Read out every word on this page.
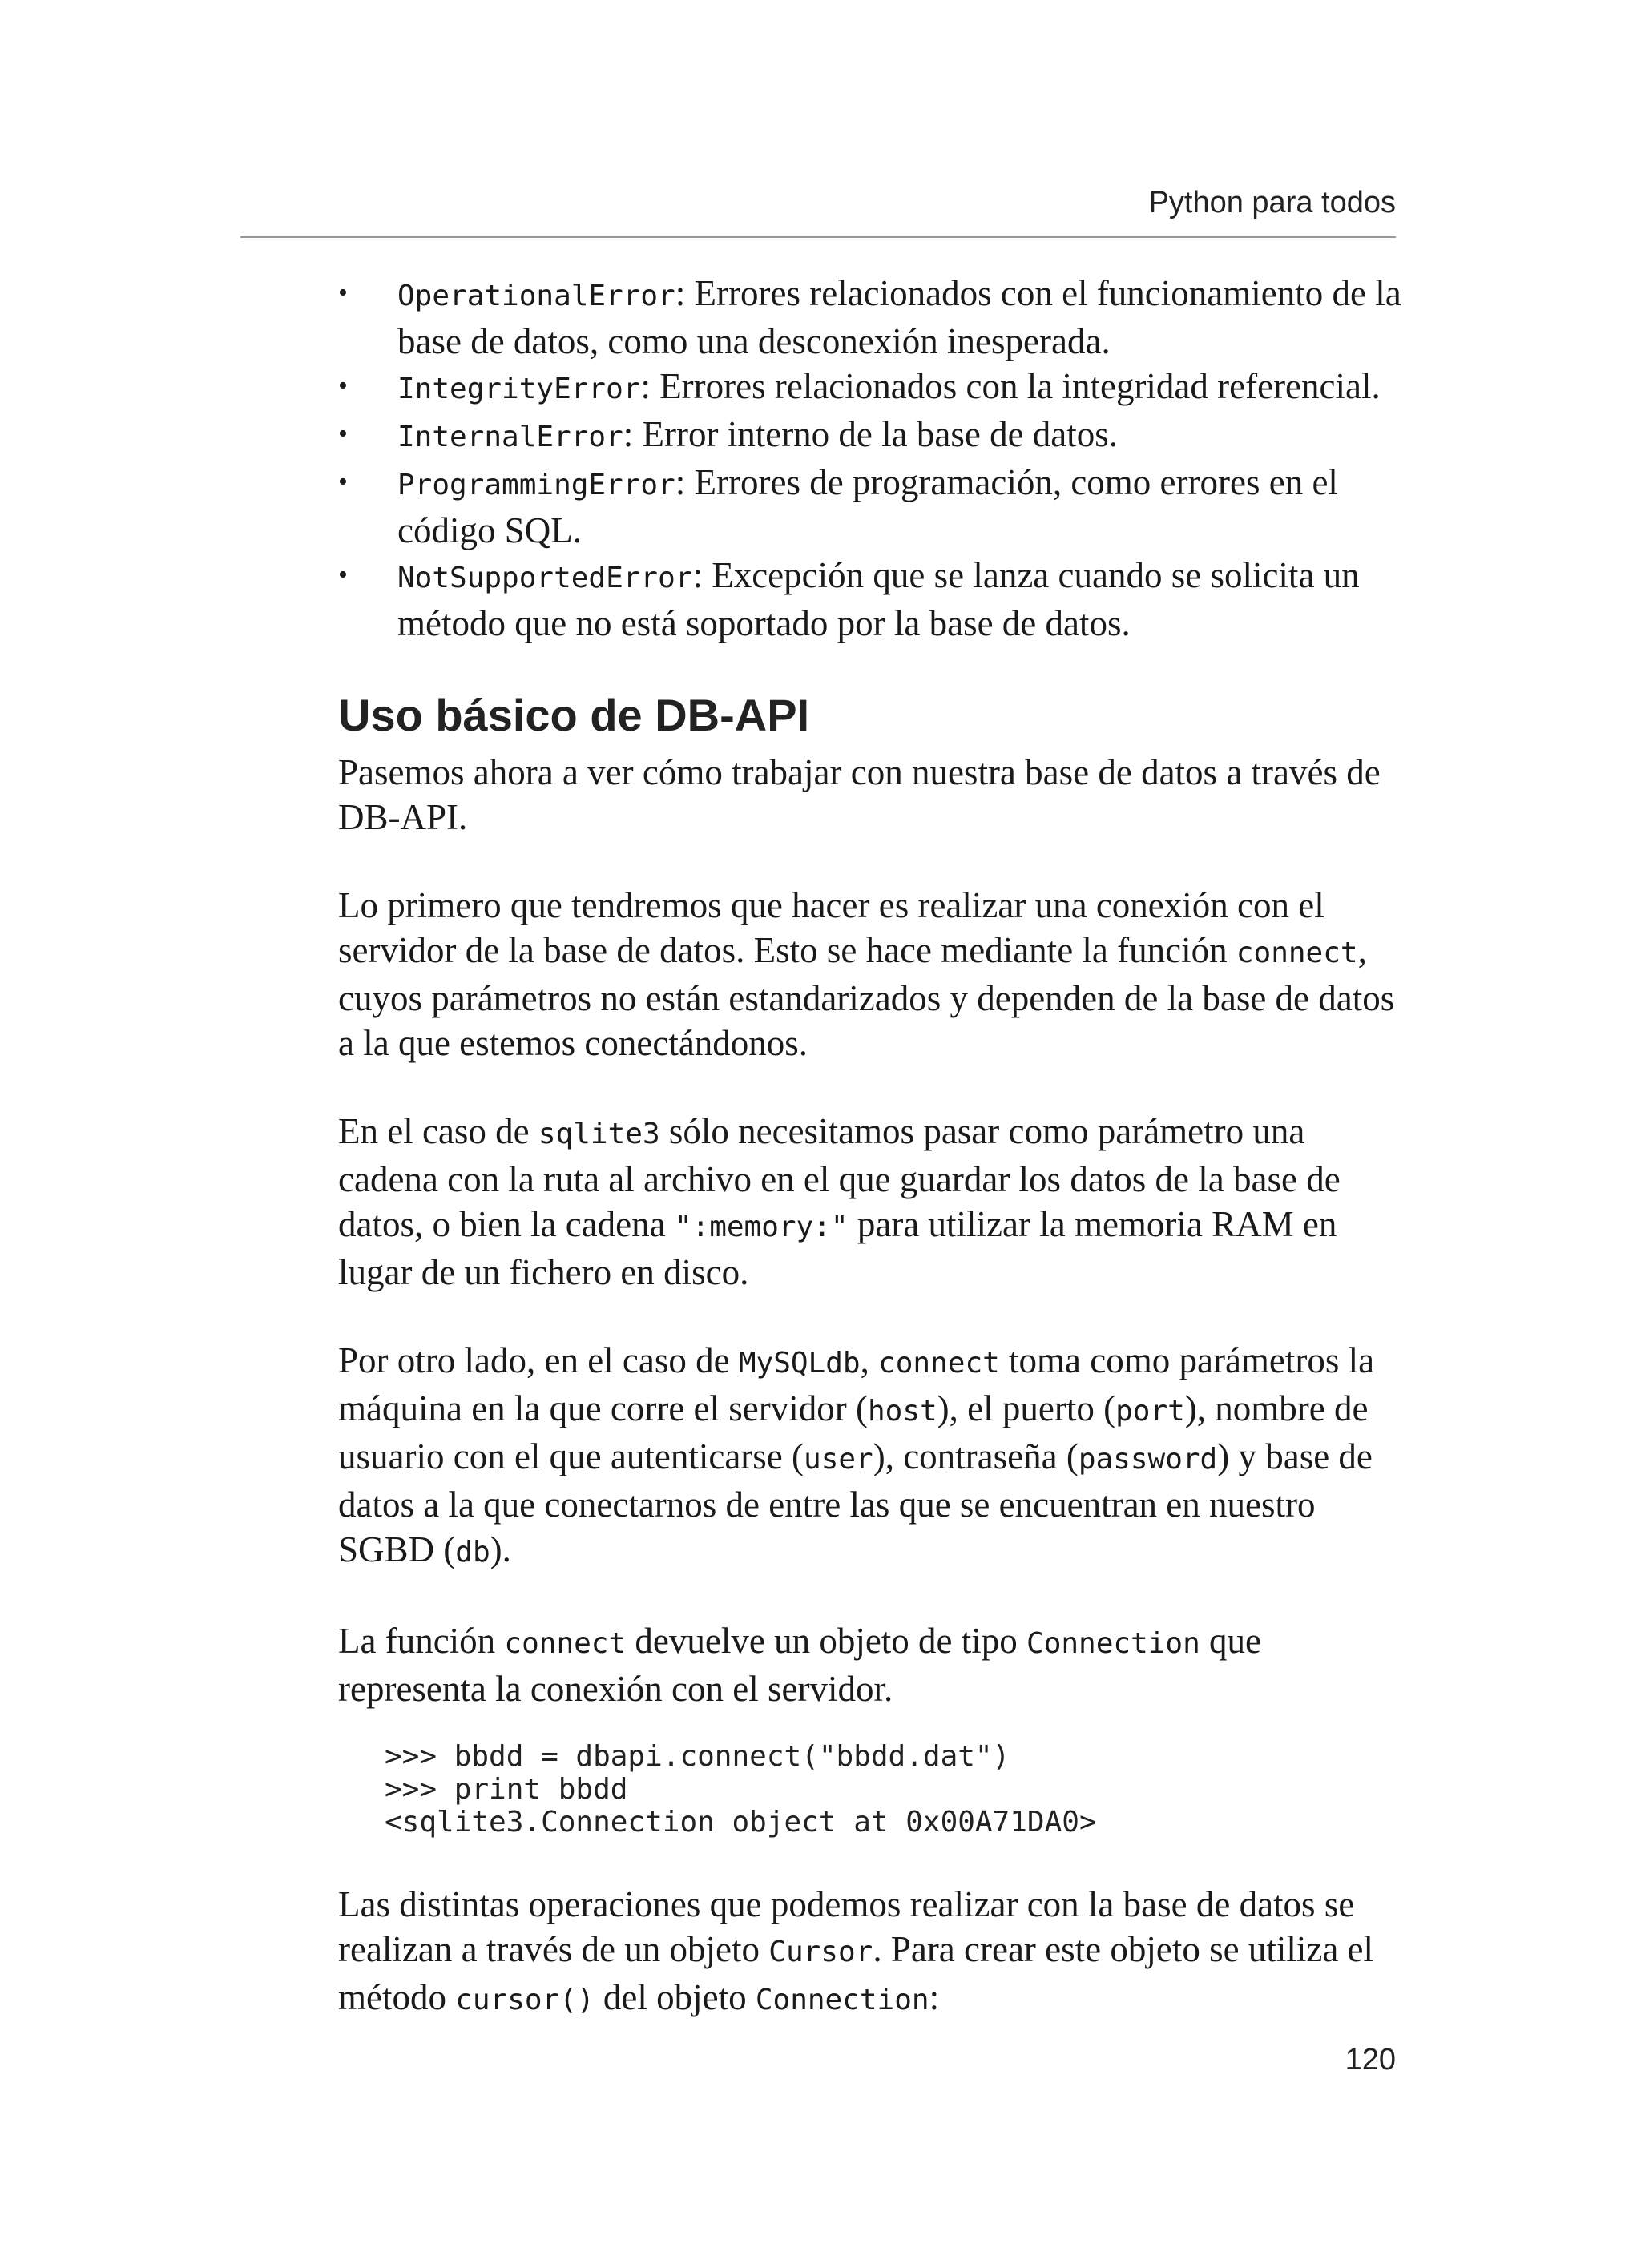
Python para todos
• OperationalError: Errores relacionados con el funcionamiento de la base de datos, como una desconexión inesperada.
• IntegrityError: Errores relacionados con la integridad referencial.
• InternalError: Error interno de la base de datos.
• ProgrammingError: Errores de programación, como errores en el código SQL.
• NotSupportedError: Excepción que se lanza cuando se solicita un método que no está soportado por la base de datos.
Uso básico de DB-API

Pasemos ahora a ver cómo trabajar con nuestra base de datos a través de DB-API.

Lo primero que tendremos que hacer es realizar una conexión con el servidor de la base de datos. Esto se hace mediante la función connect, cuyos parámetros no están estandarizados y dependen de la base de datos a la que estemos conectándonos.

En el caso de sqlite3 sólo necesitamos pasar como parámetro una cadena con la ruta al archivo en el que guardar los datos de la base de datos, o bien la cadena ":memory:" para utilizar la memoria RAM en lugar de un fichero en disco.

Por otro lado, en el caso de MySQLdb, connect toma como parámetros la máquina en la que corre el servidor (host), el puerto (port), nombre de usuario con el que autenticarse (user), contraseña (password) y base de datos a la que conectarnos de entre las que se encuentran en nuestro SGBD (db).

La función connect devuelve un objeto de tipo Connection que representa la conexión con el servidor.

>>> bbdd = dbapi.connect("bbdd.dat")
>>> print bbdd
<sqlite3.Connection object at 0x00A71DA0>

Las distintas operaciones que podemos realizar con la base de datos se realizan a través de un objeto Cursor. Para crear este objeto se utiliza el método cursor() del objeto Connection:

120
